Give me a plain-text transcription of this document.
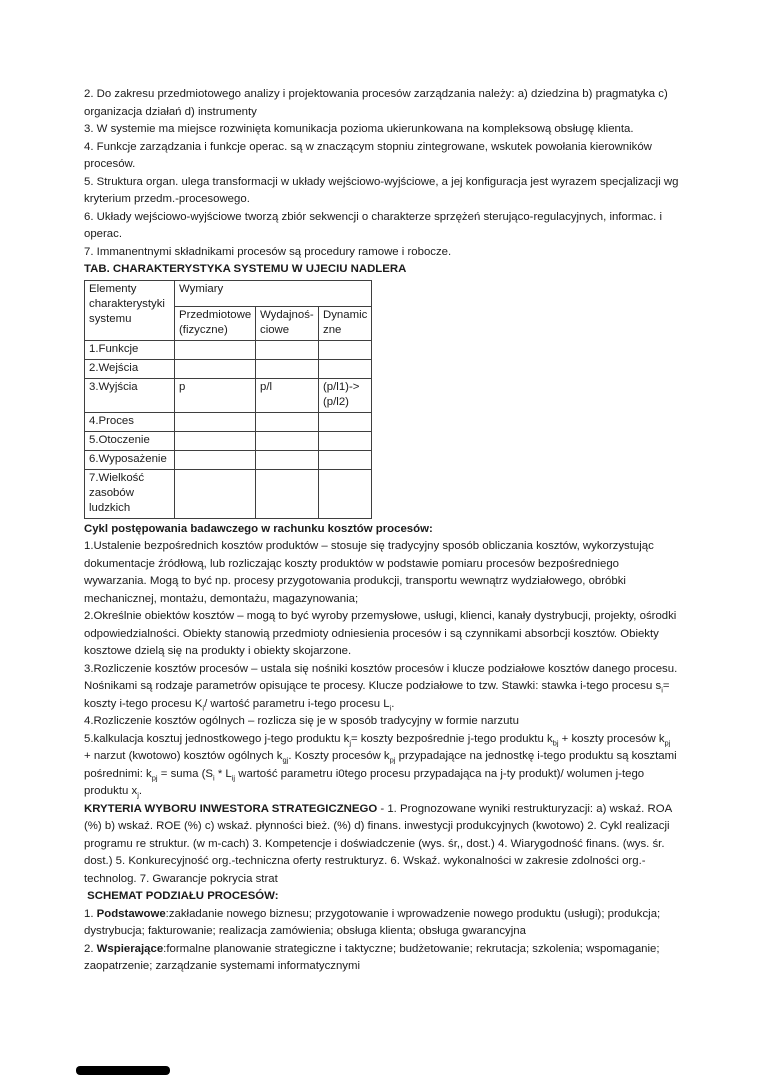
2. Do zakresu przedmiotowego analizy i projektowania procesów zarządzania należy: a) dziedzina b) pragmatyka c) organizacja działań d) instrumenty

3. W systemie ma miejsce rozwinięta komunikacja pozioma ukierunkowana na kompleksową obsługę klienta.

4. Funkcje zarządzania i funkcje operac. są w znaczącym stopniu zintegrowane, wskutek powołania kierowników procesów.

5. Struktura organ. ulega transformacji w układy wejściowo-wyjściowe, a jej konfiguracja jest wyrazem specjalizacji wg kryterium przedm.-procesowego.

6. Układy wejściowo-wyjściowe tworzą zbiór sekwencji o charakterze sprzężeń sterująco-regulacyjnych, informac. i operac.

7. Immanentnymi składnikami procesów są procedury ramowe i robocze.

TAB. CHARAKTERYSTYKA SYSTEMU W UJECIU NADLERA

Elementy charakterystyki systemu	Wymiary		
	Przedmiotowe (fizyczne)	Wydajnoś-ciowe	Dynamiczne
1.Funkcje			
2.Wejścia			
3.Wyjścia	p	p/l	(p/l1)->(p/l2)
4.Proces			
5.Otoczenie			
6.Wyposażenie			
7.Wielkość zasobów ludzkich			

Cykl postępowania badawczego w rachunku kosztów procesów:

1.Ustalenie bezpośrednich kosztów produktów – stosuje się tradycyjny sposób obliczania kosztów, wykorzystując dokumentacje źródłową, lub rozliczając koszty produktów w podstawie pomiaru procesów bezpośredniego wywarzania. Mogą to być np. procesy przygotowania produkcji, transportu wewnątrz wydziałowego, obróbki mechanicznej, montażu, demontażu, magazynowania;

2.Określnie obiektów kosztów – mogą to być wyroby przemysłowe, usługi, klienci, kanały dystrybucji, projekty, ośrodki odpowiedzialności. Obiekty stanowią przedmioty odniesienia procesów i są czynnikami absorbcji kosztów. Obiekty kosztowe dzielą się na produkty i obiekty skojarzone.

3.Rozliczenie kosztów procesów – ustala się nośniki kosztów procesów i klucze podziałowe kosztów danego procesu. Nośnikami są rodzaje parametrów opisujące te procesy. Klucze podziałowe to tzw. Stawki: stawka i-tego procesu $s_i=$ koszty i-tego procesu $K_i/$ wartość parametru i-tego procesu $L_i$.

4.Rozliczenie kosztów ogólnych – rozlicza się je w sposób tradycyjny w formie narzutu

5.kalkulacja kosztuj jednostkowego j-tego produktu $k_j=$ koszty bezpośrednie j-tego produktu $k_{bj}$ + koszty procesów $k_{pj}$ + narzut (kwotowo) kosztów ogólnych $k_{gj}$. Koszty procesów $k_{pj}$ przypadające na jednostkę i-tego produktu są kosztami pośrednimi: $k_{pj}$ = suma ($S_i * L_{ij}$ wartość parametru i0tego procesu przypadająca na j-ty produkt)/ wolumen j-tego produktu $x_j$.

KRYTERIA WYBORU INWESTORA STRATEGICZNEGO - 1. Prognozowane wyniki restrukturyzacji: a) wskaź. ROA (%) b) wskaź. ROE (%) c) wskaź. płynności bież. (%) d) finans. inwestycji produkcyjnych (kwotowo) 2. Cykl realizacji programu re struktur. (w m-cach) 3. Kompetencje i doświadczenie (wys. śr,, dost.) 4. Wiarygodność finans. (wys. śr. dost.) 5. Konkurecyjność org.-techniczna oferty restrukturyz. 6. Wskaź. wykonalności w zakresie zdolności org.-technolog. 7. Gwarancje pokrycia strat

SCHEMAT PODZIAŁU PROCESÓW:

1. Podstawowe:zakładanie nowego biznesu; przygotowanie i wprowadzenie nowego produktu (usługi); produkcja; dystrybucja; fakturowanie; realizacja zamówienia; obsługa klienta; obsługa gwarancyjna

2. Wspierające:formalne planowanie strategiczne i taktyczne; budżetowanie; rekrutacja; szkolenia; wspomaganie; zaopatrzenie; zarządzanie systemami informatycznymi
